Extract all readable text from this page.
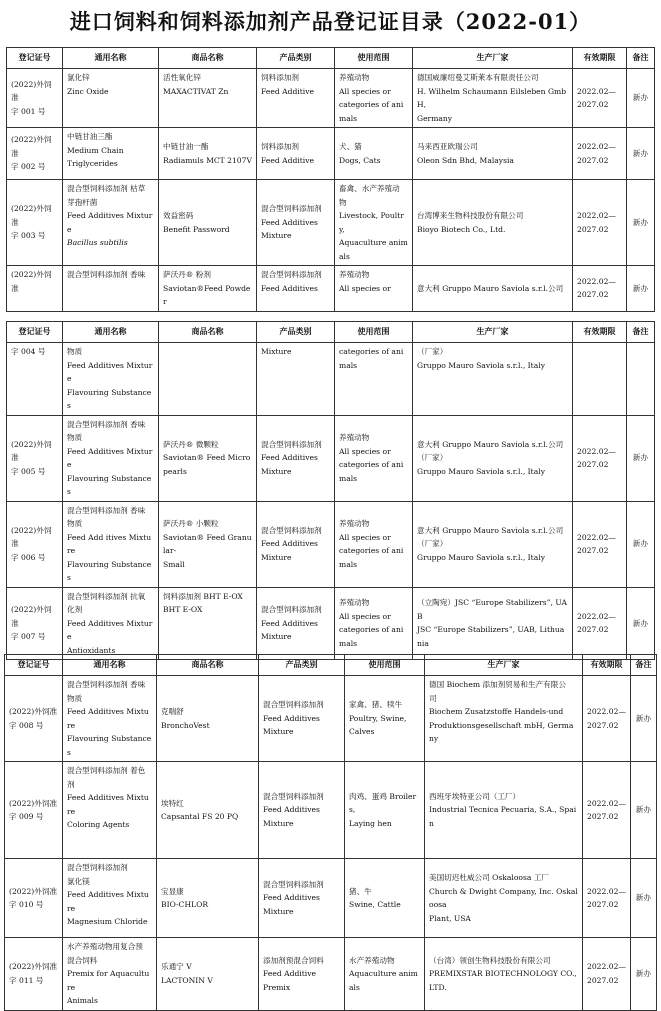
进口饲料和饲料添加剂产品登记证目录（2022-01）
登记证号	通用名称	商品名称	产品类别	使用范围	生产厂家	有效期限	备注

(2022)外饲准
字 001 号	氯化锌
Zinc Oxide	活性氧化锌
MAXACTIVAT Zn	饲料添加剂
Feed Additive	养殖动物
All species or
categories of animals	德国威廉绍曼艾斯莱本有限责任公司
H. Wilhelm Schaumann Eilsleben GmbH,
Germany	2022.02—
2027.02	新办

(2022)外饲准
字 002 号	中链甘油三酯
Medium Chain
Triglycerides	中链甘油一酯
Radiamuls MCT 2107V	饲料添加剂
Feed Additive	犬、猫
Dogs, Cats	马来西亚欧瑞公司
Oleon Sdn Bhd, Malaysia	2022.02—
2027.02	新办

(2022)外饲准
字 003 号	混合型饲料添加剂 枯草
芽孢杆菌
Feed Additives Mixture
Bacillus subtilis	效益密码
Benefit Password	混合型饲料添加剂
Feed Additives
Mixture	畜禽、水产养殖动
物
Livestock, Poultry,
Aquaculture animals	台湾博来生物科技股份有限公司
Bioyo Biotech Co., Ltd.	2022.02—
2027.02	新办

(2022)外饲准	混合型饲料添加剂 香味	萨沃丹® 粉剂
Saviotan®Feed Powder	混合型饲料添加剂
Feed Additives	养殖动物
All species or	意大利 Gruppo Mauro Saviola s.r.l.公司	2022.02—
2027.02	新办
登记证号	通用名称	商品名称	产品类别	使用范围	生产厂家	有效期限	备注

字 004 号	物质
Feed Additives Mixture
Flavouring Substances		Mixture	categories of animals	（厂家）
Gruppo Mauro Saviola s.r.l., Italy		

(2022)外饲准
字 005 号	混合型饲料添加剂 香味
物质
Feed Additives Mixture
Flavouring Substances	萨沃丹® 微颗粒
Saviotan® Feed Micropearls	混合型饲料添加剂
Feed Additives
Mixture	养殖动物
All species or
categories of animals	意大利 Gruppo Mauro Saviola s.r.l.公司
（厂家）
Gruppo Mauro Saviola s.r.l., Italy	2022.02—
2027.02	新办

(2022)外饲准
字 006 号	混合型饲料添加剂 香味
物质
Feed Add itives Mixture
Flavouring Substances	萨沃丹® 小颗粒
Saviotan® Feed Granular-
Small	混合型饲料添加剂
Feed Additives
Mixture	养殖动物
All species or
categories of animals	意大利 Gruppo Mauro Saviola s.r.l.公司
（厂家）
Gruppo Mauro Saviola s.r.l., Italy	2022.02—
2027.02	新办

(2022)外饲准
字 007 号	混合型饲料添加剂 抗氧
化剂
Feed Additives Mixture
Antioxidants	饲料添加剂 BHT E-OX
BHT E-OX	混合型饲料添加剂
Feed Additives
Mixture	养殖动物
All species or
categories of animals	（立陶宛）JSC “Europe Stabilizers”, UAB
JSC “Europe Stabilizers”, UAB, Lithuania	2022.02—
2027.02	新办
登记证号	通用名称	商品名称	产品类别	使用范围	生产厂家	有效期限	备注

(2022)外饲准
字 008 号	混合型饲料添加剂 香味
物质
Feed Additives Mixture
Flavouring Substances	克喘舒
BronchoVest	混合型饲料添加剂
Feed Additives
Mixture	家禽、猪、犊牛
Poultry, Swine,
Calves	德国 Biochem 添加剂贸易和生产有限公
司
Biochem Zusatzstoffe Handels-und
Produktionsgesellschaft mbH, Germany	2022.02—
2027.02	新办

(2022)外饲准
字 009 号	混合型饲料添加剂 着色
剂
Feed Additives Mixture
Coloring Agents	埃特红
Capsantal FS 20 PQ	混合型饲料添加剂
Feed Additives
Mixture	肉鸡、蛋鸡 Broilers,
Laying hen	西班牙埃特亚公司（工厂）
Industrial Tecnica Pecuaria, S.A., Spain	2022.02—
2027.02	新办

(2022)外饲准
字 010 号	混合型饲料添加剂
氯化镁
Feed Additives Mixture
Magnesium Chloride	宝显康
BIO-CHLOR	混合型饲料添加剂
Feed Additives
Mixture	猪、牛
Swine, Cattle	美国切迟杜威公司 Oskaloosa 工厂
Church & Dwight Company, Inc. Oskaloosa
Plant, USA	2022.02—
2027.02	新办

(2022)外饲准
字 011 号	水产养殖动物用复合预
混合饲料
Premix for Aquaculture
Animals	乐通宁 V
LACTONIN V	添加剂预混合饲料
Feed Additive
Premix	水产养殖动物
Aquaculture animals	（台湾）领创生物科技股份有限公司
PREMIXSTAR BIOTECHNOLOGY CO.,
LTD.	2022.02—
2027.02	新办
